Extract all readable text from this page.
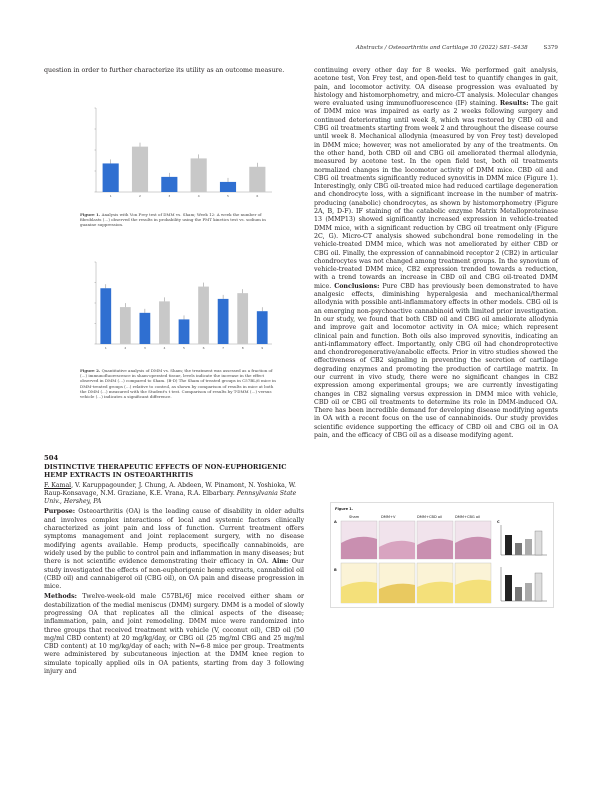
Abstracts / Osteoarthritis and Cartilage 30 (2022) S81–S438	S379
question in order to further characterize its utility as an outcome measure.
1	2	3	4	5	6
Figure 1. Analysis with Von Frey test of DMM vs. Sham; Week 12: A week the number of fibroblasts (…) observed the results in probability using the PMT kinetics test vs. sodium in guanine suppression.
1	2	3	4	5	6	7	8	9
Figure 2. Quantitative analysis of DMM vs. Sham; the treatment was assessed as a fraction of (…) immunofluorescence in sham-operated tissue, levels indicate the increase in the effect observed in DMM (…) compared to Sham. (B-D) The Sham of treated groups in C57BL/6 mice in DMM-treated groups (…) relative to control, as shown by comparison of results in mice at both the DMM (…) measured with the Student's t test. Comparison of results by T-DMM (…) versus vehicle (…) indicates a significant difference.
504
DISTINCTIVE THERAPEUTIC EFFECTS OF NON-EUPHORIGENIC HEMP EXTRACTS IN OSTEOARTHRITIS
F. Kamal, V. Karuppagounder, J. Chung, A. Abdeen, W. Pinamont, N. Yoshioka, W. Raup-Konsavage, N.M. Graziane, K.E. Vrana, R.A. Elbarbary. Pennsylvania State Univ., Hershey, PA

Purpose: Osteoarthritis (OA) is the leading cause of disability in older adults and involves complex interactions of local and systemic factors clinically characterized as joint pain and loss of function. Current treatment offers symptoms management and joint replacement surgery, with no disease modifying agents available. Hemp products, specifically cannabinoids, are widely used by the public to control pain and inflammation in many diseases; but there is not scientific evidence demonstrating their efficacy in OA. Aim: Our study investigated the effects of non-euphorigenic hemp extracts, cannabidiol oil (CBD oil) and cannabigerol oil (CBG oil), on OA pain and disease progression in mice.

Methods: Twelve-week-old male C57BL/6J mice received either sham or destabilization of the medial meniscus (DMM) surgery. DMM is a model of slowly progressing OA that replicates all the clinical aspects of the disease; inflammation, pain, and joint remodeling. DMM mice were randomized into three groups that received treatment with vehicle (V, coconut oil), CBD oil (50 mg/ml CBD content) at 20 mg/kg/day, or CBG oil (25 mg/ml CBG and 25 mg/ml CBD content) at 10 mg/kg/day of each; with N=6-8 mice per group. Treatments were administered by subcutaneous injection at the DMM knee region to simulate topically applied oils in OA patients, starting from day 3 following injury and

continuing every other day for 8 weeks. We performed gait analysis, acetone test, Von Frey test, and open-field test to quantify changes in gait, pain, and locomotor activity. OA disease progression was evaluated by histology and histomorphometry, and micro-CT analysis. Molecular changes were evaluated using immunofluorescence (IF) staining. Results: The gait of DMM mice was impaired as early as 2 weeks following surgery and continued deteriorating until week 8, which was restored by CBD oil and CBG oil treatments starting from week 2 and throughout the disease course until week 8. Mechanical allodynia (measured by von Frey test) developed in DMM mice; however, was not ameliorated by any of the treatments. On the other hand, both CBD oil and CBG oil ameliorated thermal allodynia, measured by acetone test. In the open field test, both oil treatments normalized changes in the locomotor activity of DMM mice. CBD oil and CBG oil treatments significantly reduced synovitis in DMM mice (Figure 1). Interestingly, only CBG oil-treated mice had reduced cartilage degeneration and chondrocyte loss, with a significant increase in the number of matrix-producing (anabolic) chondrocytes, as shown by histomorphometry (Figure 2A, B, D-F). IF staining of the catabolic enzyme Matrix Metalloproteinase 13 (MMP13) showed significantly increased expression in vehicle-treated DMM mice, with a significant reduction by CBG oil treatment only (Figure 2C, G). Micro-CT analysis showed subchondral bone remodeling in the vehicle-treated DMM mice, which was not ameliorated by either CBD or CBG oil. Finally, the expression of cannabinoid receptor 2 (CB2) in articular chondrocytes was not changed among treatment groups. In the synovium of vehicle-treated DMM mice, CB2 expression trended towards a reduction, with a trend towards an increase in CBD oil and CBG oil-treated DMM mice. Conclusions: Pure CBD has previously been demonstrated to have analgesic effects, diminishing hyperalgesia and mechanical/thermal allodynia with possible anti-inflammatory effects in other models. CBG oil is an emerging non-psychoactive cannabinoid with limited prior investigation. In our study, we found that both CBD oil and CBG oil ameliorate allodynia and improve gait and locomotor activity in OA mice; which represent clinical pain and function. Both oils also improved synovitis, indicating an anti-inflammatory effect. Importantly, only CBG oil had chondroprotective and chondroregenerative/anabolic effects. Prior in vitro studies showed the effectiveness of CB2 signaling in preventing the secretion of cartilage degrading enzymes and promoting the production of cartilage matrix. In our current in vivo study, there were no significant changes in CB2 expression among experimental groups; we are currently investigating changes in CB2 signaling versus expression in DMM mice with vehicle, CBD oil or CBG oil treatments to determine its role in DMM-induced OA. There has been incredible demand for developing disease modifying agents in OA with a recent focus on the use of cannabinoids. Our study provides scientific evidence supporting the efficacy of CBD oil and CBG oil in OA pain, and the efficacy of CBG oil as a disease modifying agent.
Figure 1.
A
B
C
Sham	DMM+V	DMM+CBD oil	DMM+CBG oil
